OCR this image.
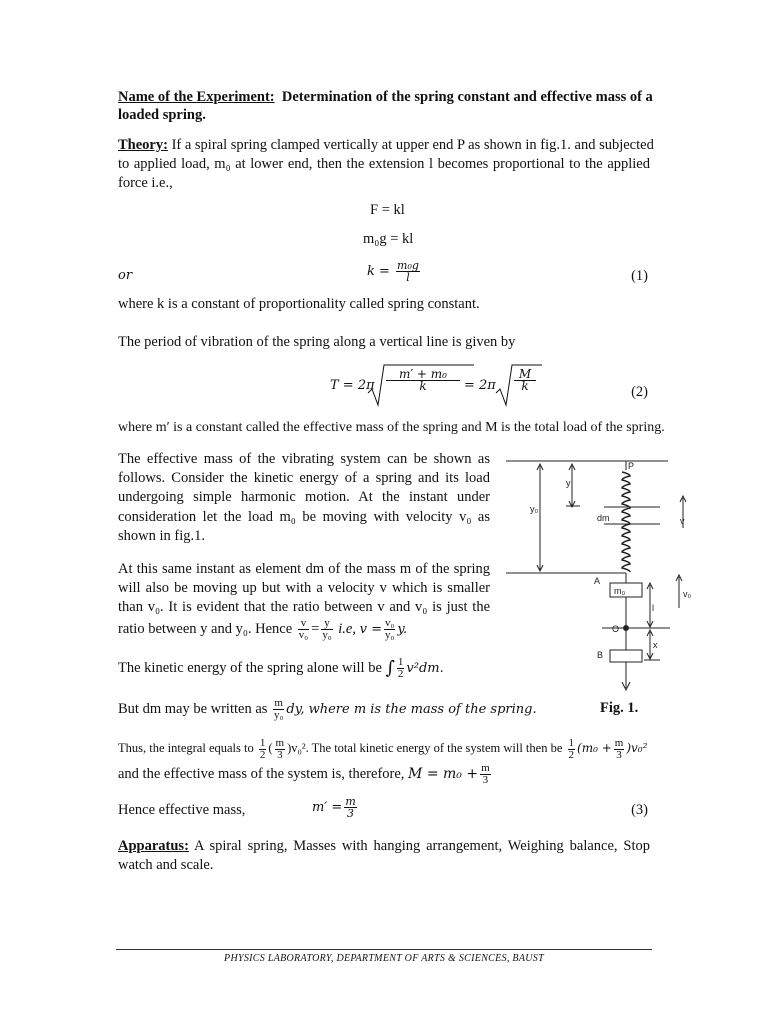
Name of the Experiment: Determination of the spring constant and effective mass of a
loaded spring.
Theory: If a spiral spring clamped vertically at upper end P as shown in fig.1. and subjected
to applied load, m₀ at lower end, then the extension l becomes proportional to the applied
force i.e.,
F = kl
m₀g = kl
or	$k = \frac{\text{m₀g}}{l}$	(1)
where k is a constant of proportionality called spring constant.
The period of vibration of the spring along a vertical line is given by
$T = 2\pi \frac{\text{m′ + m₀}}{k} = 2\pi \frac{M}{k}$	(2)
where m′ is a constant called the effective mass of the spring and M is the total load of the spring.
The effective mass of the vibrating system can be shown as
follows. Consider the kinetic energy of a spring and its load
undergoing simple harmonic motion. At the instant under
consideration let the load m₀ be moving with velocity v₀ as
shown in fig.1.
At this same instant as element dm of the mass m of the spring
will also be moving up but with a velocity v which is smaller
than v₀. It is evident that the ratio between v and v₀ is just the
ratio between y and y₀. Hence $\frac{v}{\text{v₀}} = \frac{y}{\text{y₀}} i.e$, $v = \frac{\text{v₀}}{\text{y₀}} y$.
The kinetic energy of the spring alone will be ∫ $\frac{1}{2} v^2dm$.
But dm may be written as $\frac{m}{\text{y₀}}$ dy, where m is the mass of the spring.	Fig. 1.
Thus, the integral equals to $\frac{1}{2}$ ( $\frac{m}{3} )v_0^2$. The total kinetic energy of the system will then be $\frac{1}{2} (m_0 + \frac{m}{3} )v_0^2$
and the effective mass of the system is, therefore, $M = m_0 + \frac{m}{3}$
Hence effective mass,	$m' = \frac{m}{3}$	(3)
Apparatus: A spiral spring, Masses with hanging arrangement, Weighing balance, Stop
watch and scale.
P
y
y₀
dm	v
A
m₀	v₀
l
O
x
B
PHYSICS LABORATORY, DEPARTMENT OF ARTS & SCIENCES, BAUST
